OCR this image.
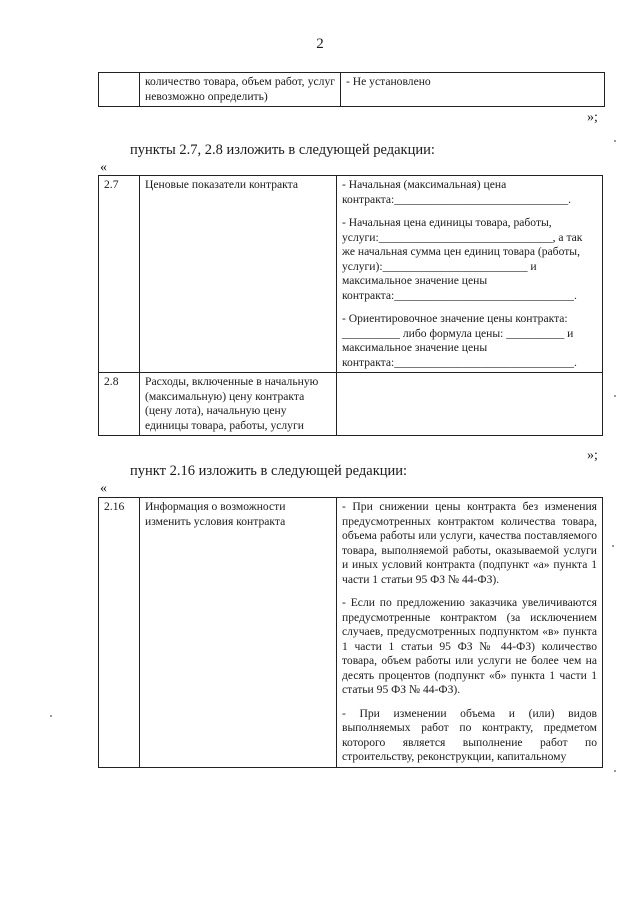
2
	количество товара, объем работ, услуг невозможно определить)	- Не установлено
»;
пункты 2.7, 2.8 изложить в следующей редакции:
«
2.7	Ценовые показатели контракта	- Начальная (максимальная) цена контракта:______________________________.
- Начальная цена единицы товара, работы, услуги:______________________________, а так же начальная сумма цен единиц товара (работы, услуги):_________________________ и максимальное значение цены контракта:_______________________________.
- Ориентировочное значение цены контракта: __________ либо формула цены: __________ и максимальное значение цены контракта:_______________________________.

2.8	Расходы, включенные в начальную (максимальную) цену контракта (цену лота), начальную цену единицы товара, работы, услуги	
»;
пункт 2.16 изложить в следующей редакции:
«
2.16	Информация о возможности изменить условия контракта	
- При снижении цены контракта без изменения предусмотренных контрактом количества товара, объема работы или услуги, качества поставляемого товара, выполняемой работы, оказываемой услуги и иных условий контракта (подпункт «а» пункта 1 части 1 статьи 95 ФЗ № 44-ФЗ).
- Если по предложению заказчика увеличиваются предусмотренные контрактом (за исключением случаев, предусмотренных подпунктом «в» пункта 1 части 1 статьи 95 ФЗ № 44-ФЗ) количество товара, объем работы или услуги не более чем на десять процентов (подпункт «б» пункта 1 части 1 статьи 95 ФЗ № 44-ФЗ).
- При изменении объема и (или) видов выполняемых работ по контракту, предметом которого является выполнение работ по строительству, реконструкции, капитальному
